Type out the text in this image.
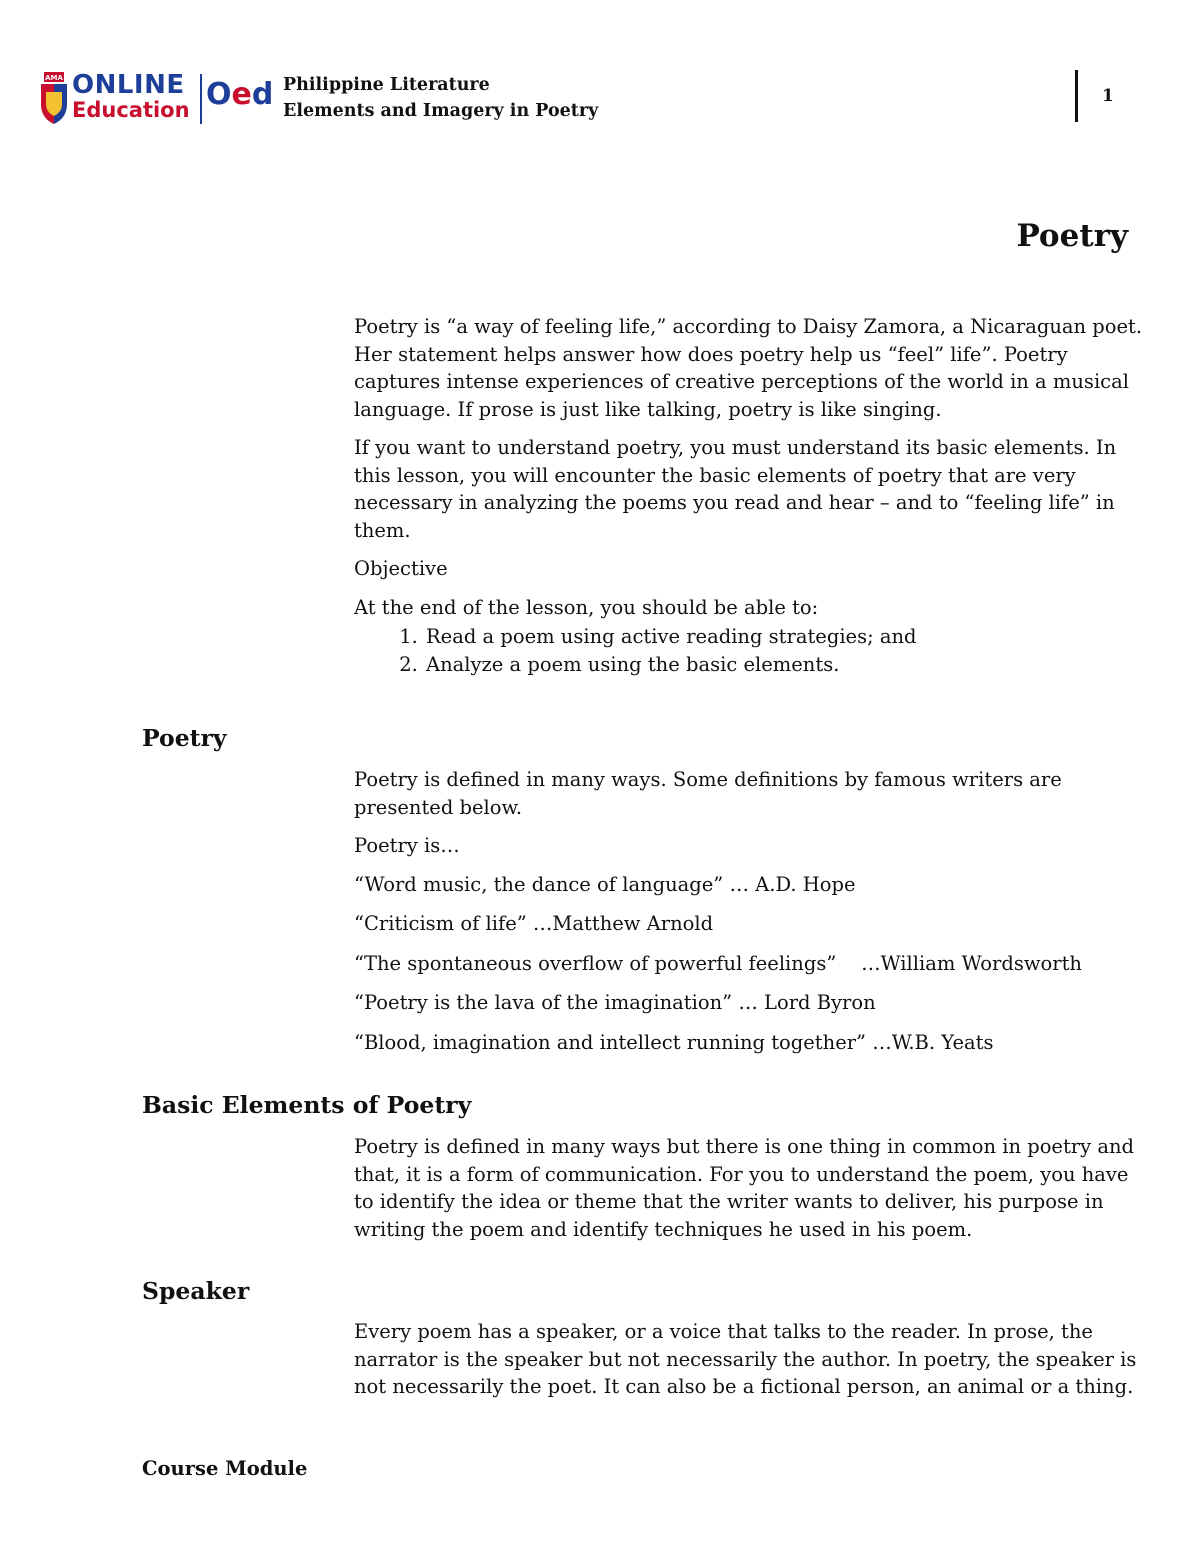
AMA ONLINE
Education Oed Philippine Literature
Elements and Imagery in Poetry
1
Poetry

Poetry is “a way of feeling life,” according to Daisy Zamora, a Nicaraguan poet. Her statement helps answer how does poetry help us “feel” life”. Poetry captures intense experiences of creative perceptions of the world in a musical language. If prose is just like talking, poetry is like singing.

If you want to understand poetry, you must understand its basic elements. In this lesson, you will encounter the basic elements of poetry that are very necessary in analyzing the poems you read and hear – and to “feeling life” in them.

Objective

At the end of the lesson, you should be able to:

1. Read a poem using active reading strategies; and
2. Analyze a poem using the basic elements.
Poetry

Poetry is defined in many ways. Some definitions by famous writers are presented below.

Poetry is…

“Word music, the dance of language” … A.D. Hope

“Criticism of life” …Matthew Arnold

“The spontaneous overflow of powerful feelings”    …William Wordsworth

“Poetry is the lava of the imagination” … Lord Byron

“Blood, imagination and intellect running together” …W.B. Yeats

Basic Elements of Poetry

Poetry is defined in many ways but there is one thing in common in poetry and that, it is a form of communication. For you to understand the poem, you have to identify the idea or theme that the writer wants to deliver, his purpose in writing the poem and identify techniques he used in his poem.

Speaker

Every poem has a speaker, or a voice that talks to the reader. In prose, the narrator is the speaker but not necessarily the author. In poetry, the speaker is not necessarily the poet. It can also be a fictional person, an animal or a thing.

Course Module
